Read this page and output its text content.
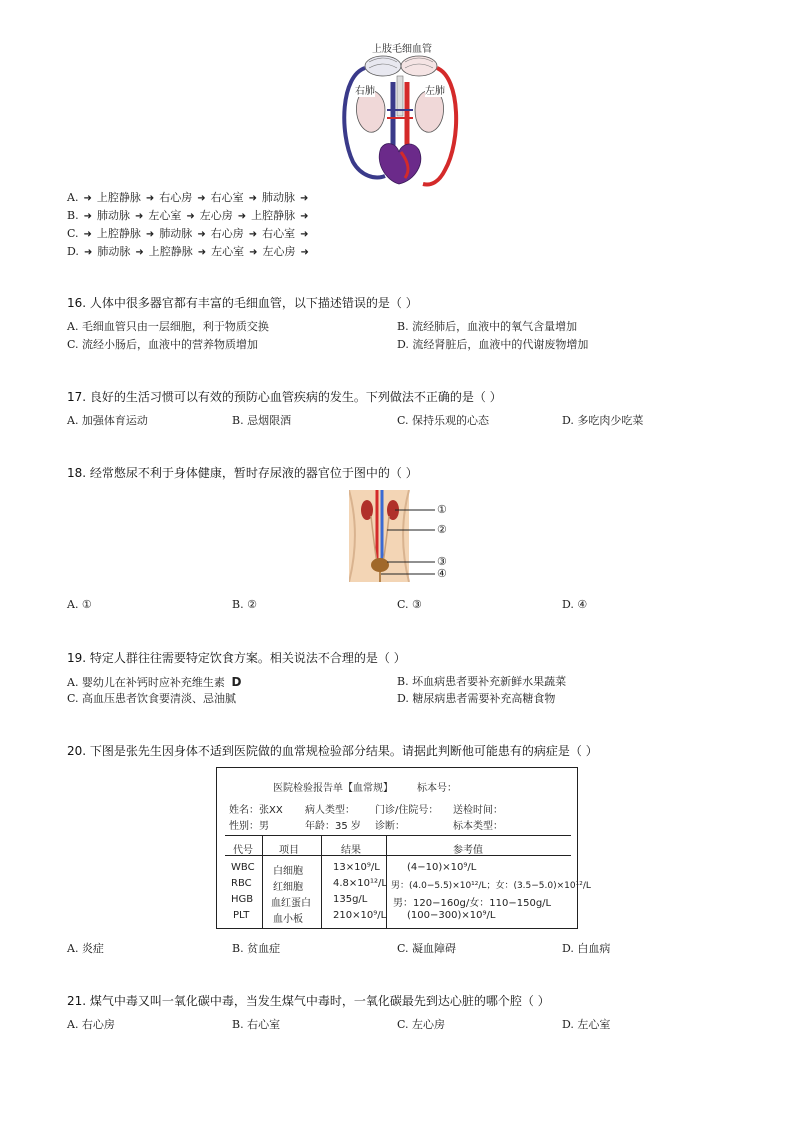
上肢毛细血管
右肺	左肺
A. ➜ 上腔静脉 ➜ 右心房 ➜ 右心室 ➜ 肺动脉 ➜
B. ➜ 肺动脉 ➜ 左心室 ➜ 左心房 ➜ 上腔静脉 ➜
C. ➜ 上腔静脉 ➜ 肺动脉 ➜ 右心房 ➜ 右心室 ➜
D. ➜ 肺动脉 ➜ 上腔静脉 ➜ 左心室 ➜ 左心房 ➜
16. 人体中很多器官都有丰富的毛细血管，以下描述错误的是（ ）
A. 毛细血管只由一层细胞，利于物质交换	B. 流经肺后，血液中的氧气含量增加
C. 流经小肠后，血液中的营养物质增加	D. 流经肾脏后，血液中的代谢废物增加
17. 良好的生活习惯可以有效的预防心血管疾病的发生。下列做法不正确的是（ ）
A. 加强体育运动	B. 忌烟限酒	C. 保持乐观的心态	D. 多吃肉少吃菜
18. 经常憋尿不利于身体健康，暂时存尿液的器官位于图中的（ ）
①
②
③
④
A. ①	B. ②	C. ③	D. ④
19. 特定人群往往需要特定饮食方案。相关说法不合理的是（ ）
A. 婴幼儿在补钙时应补充维生素 D	B. 坏血病患者要补充新鲜水果蔬菜
C. 高血压患者饮食要清淡、忌油腻	D. 糖尿病患者需要补充高糖食物
20. 下图是张先生因身体不适到医院做的血常规检验部分结果。请据此判断他可能患有的病症是（ ）
医院检验报告单【血常规】 标本号：
姓名：张XX 病人类型： 门诊/住院号： 送检时间：
性别：男	年龄：35 岁 诊断：	标本类型：
代号	项目	结果	参考值
WBC 白细胞	13×10⁹/L	(4−10)×10⁹/L
RBC 红细胞	4.8×10¹²/L 男：(4.0−5.5)×10¹²/L；女：(3.5−5.0)×10¹²/L
HGB 血红蛋白 135g/L	男：120−160g/女：110−150g/L
PLT 血小板	210×10⁹/L (100−300)×10⁹/L
A. 炎症	B. 贫血症	C. 凝血障碍	D. 白血病
21. 煤气中毒又叫一氧化碳中毒，当发生煤气中毒时，一氧化碳最先到达心脏的哪个腔（ ）
A. 右心房	B. 右心室	C. 左心房	D. 左心室
